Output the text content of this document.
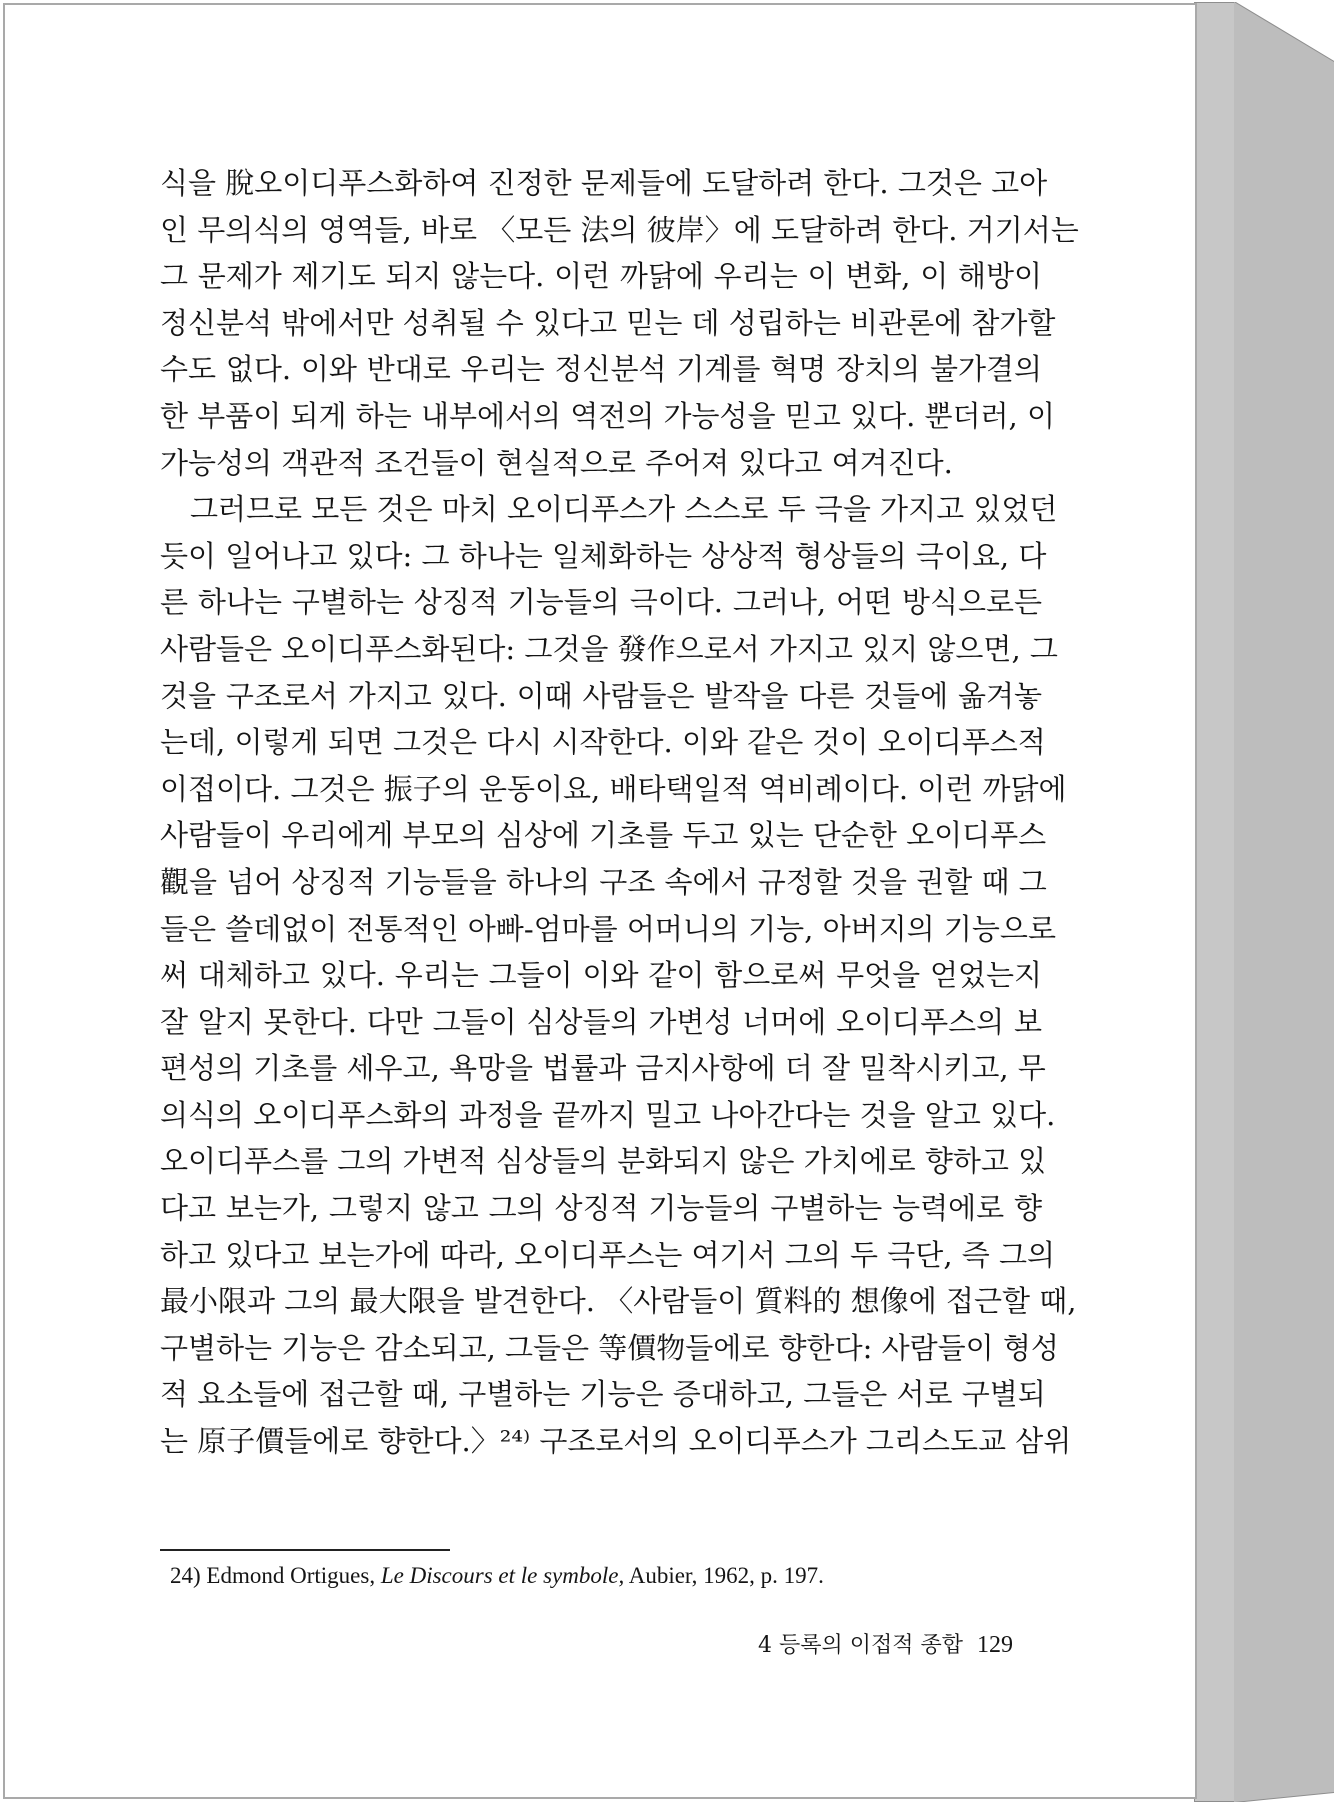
식을 脫오이디푸스화하여 진정한 문제들에 도달하려 한다. 그것은 고아
인 무의식의 영역들, 바로 〈모든 法의 彼岸〉에 도달하려 한다. 거기서는
그 문제가 제기도 되지 않는다. 이런 까닭에 우리는 이 변화, 이 해방이
정신분석 밖에서만 성취될 수 있다고 믿는 데 성립하는 비관론에 참가할
수도 없다. 이와 반대로 우리는 정신분석 기계를 혁명 장치의 불가결의
한 부품이 되게 하는 내부에서의 역전의 가능성을 믿고 있다. 뿐더러, 이
가능성의 객관적 조건들이 현실적으로 주어져 있다고 여겨진다.
그러므로 모든 것은 마치 오이디푸스가 스스로 두 극을 가지고 있었던
듯이 일어나고 있다: 그 하나는 일체화하는 상상적 형상들의 극이요, 다
른 하나는 구별하는 상징적 기능들의 극이다. 그러나, 어떤 방식으로든
사람들은 오이디푸스화된다: 그것을 發作으로서 가지고 있지 않으면, 그
것을 구조로서 가지고 있다. 이때 사람들은 발작을 다른 것들에 옮겨놓
는데, 이렇게 되면 그것은 다시 시작한다. 이와 같은 것이 오이디푸스적
이접이다. 그것은 振子의 운동이요, 배타택일적 역비례이다. 이런 까닭에
사람들이 우리에게 부모의 심상에 기초를 두고 있는 단순한 오이디푸스
觀을 넘어 상징적 기능들을 하나의 구조 속에서 규정할 것을 권할 때 그
들은 쓸데없이 전통적인 아빠-엄마를 어머니의 기능, 아버지의 기능으로
써 대체하고 있다. 우리는 그들이 이와 같이 함으로써 무엇을 얻었는지
잘 알지 못한다. 다만 그들이 심상들의 가변성 너머에 오이디푸스의 보
편성의 기초를 세우고, 욕망을 법률과 금지사항에 더 잘 밀착시키고, 무
의식의 오이디푸스화의 과정을 끝까지 밀고 나아간다는 것을 알고 있다.
오이디푸스를 그의 가변적 심상들의 분화되지 않은 가치에로 향하고 있
다고 보는가, 그렇지 않고 그의 상징적 기능들의 구별하는 능력에로 향
하고 있다고 보는가에 따라, 오이디푸스는 여기서 그의 두 극단, 즉 그의
最小限과 그의 最大限을 발견한다. 〈사람들이 質料的 想像에 접근할 때,
구별하는 기능은 감소되고, 그들은 等價物들에로 향한다: 사람들이 형성
적 요소들에 접근할 때, 구별하는 기능은 증대하고, 그들은 서로 구별되
는 原子價들에로 향한다.〉²⁴⁾ 구조로서의 오이디푸스가 그리스도교 삼위
24) Edmond Ortigues, Le Discours et le symbole, Aubier, 1962, p. 197.
4 등록의 이접적 종합 129
